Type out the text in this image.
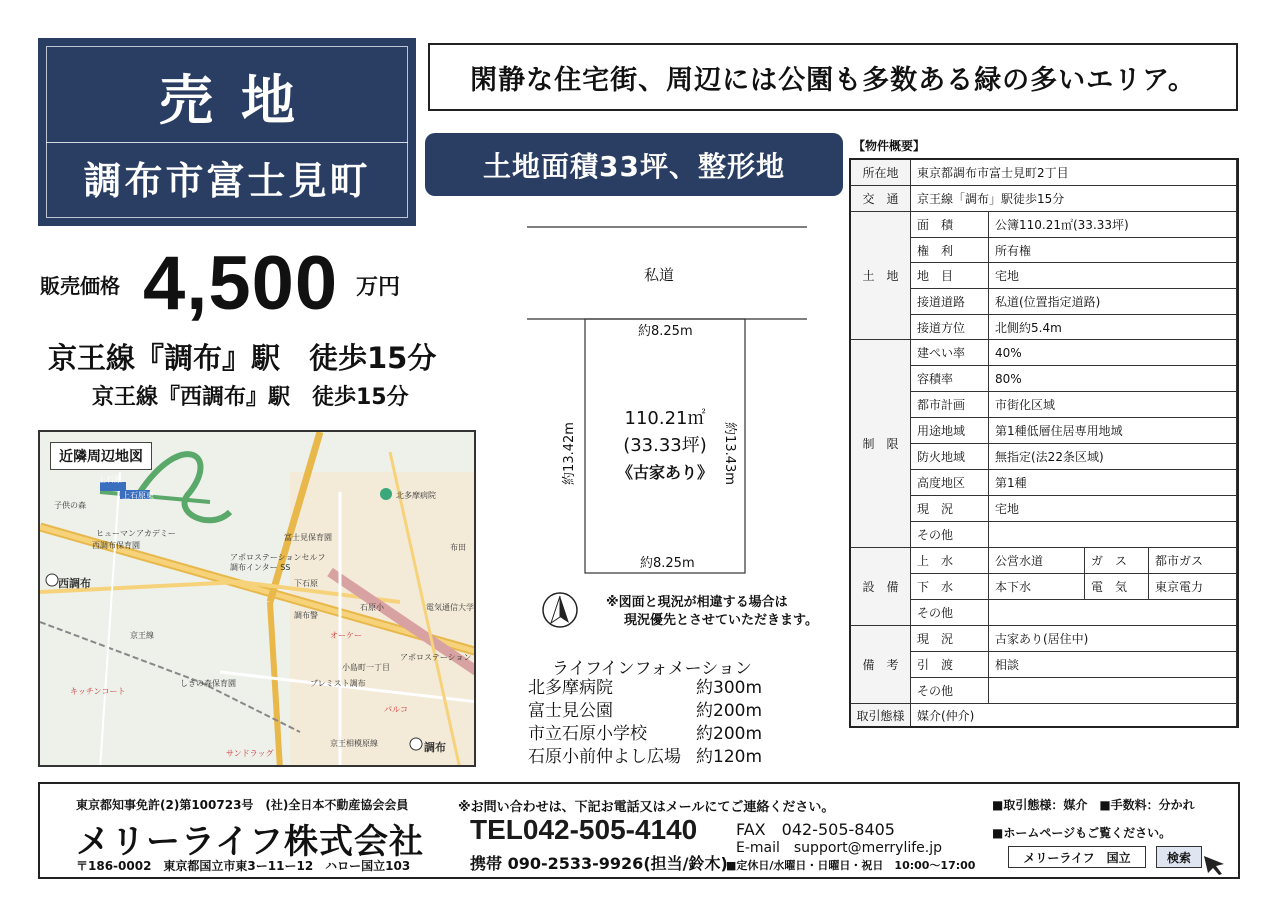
売地
調布市富士見町
閑静な住宅街、周辺には公園も多数ある緑の多いエリア。
土地面積33坪、整形地
販売価格 4,500 万円
京王線『調布』駅　徒歩15分
京王線『西調布』駅　徒歩15分
近隣周辺地図
西調布
調布
上石原
上石原東
子供の森
ヒューマンアカデミー
西調布保育園
北多摩病院
富士見保育園
アポロステーションセルフ
調布インター SS
下石原
調布警
小島町一丁目
ブレミスト調布
オーケー
キッチンコート
しきの森保育園
サンドラッグ
パルコ
京王相模原線
京王線
布田
電気通信大学
石原小
アポロステーション
私道
約8.25m
約8.25m
約13.42m	約13.43m
110.21㎡
(33.33坪)
《古家あり》
※図面と現況が相違する場合は
現況優先とさせていただきます。
ライフインフォメーション
北多摩病院	約300m
富士見公園	約200m
市立石原小学校	約200m
石原小前仲よし広場 約120m
【物件概要】
所在地	東京都調布市富士見町2丁目
交　通	京王線「調布」駅徒歩15分
土　地
面　積	公簿110.21㎡(33.33坪)
権　利	所有権
地　目	宅地
接道道路	私道(位置指定道路)
接道方位	北側約5.4m
制　限
建ぺい率	40%
容積率	80%
都市計画	市街化区域
用途地域	第1種低層住居専用地域
防火地域	無指定(法22条区域)
高度地区	第1種
現　況	宅地
その他
設　備
上　水	公営水道	ガ　ス	都市ガス
下　水	本下水	電　気	東京電力
その他
備　考
現　況	古家あり(居住中)
引　渡	相談
その他
取引態様	媒介(仲介)
東京都知事免許(2)第100723号　(社)全日本不動産協会会員
メリーライフ株式会社
〒186-0002　東京都国立市東3ー11ー12　ハロー国立103
※お問い合わせは、下記お電話又はメールにてご連絡ください。
TEL042-505-4140 FAX　042-505-8405
E-mail　support@merrylife.jp
携帯 090-2533-9926(担当/鈴木)
■定休日/水曜日・日曜日・祝日　10:00〜17:00
■取引態様：媒介　■手数料：分かれ
■ホームページもご覧ください。
メリーライフ　国立	検索
